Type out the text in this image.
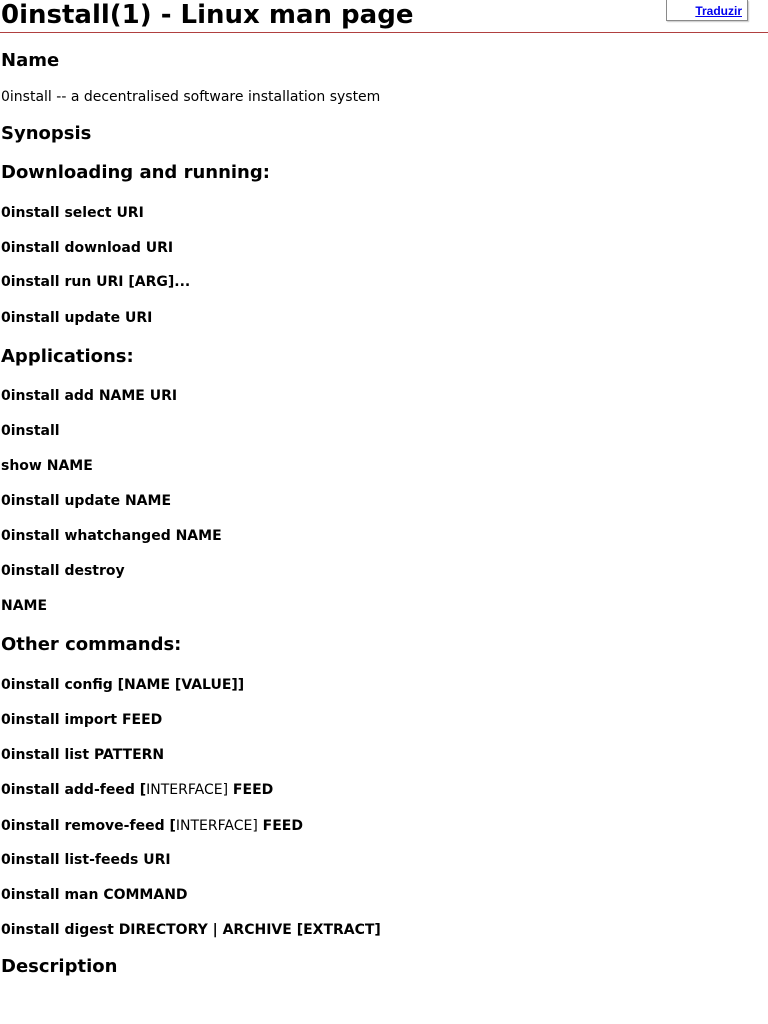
0install(1) - Linux man page	Traduzir
Name

0install -- a decentralised software installation system

Synopsis
Downloading and running:

0install select URI

0install download URI

0install run URI [ARG]...

0install update URI

Applications:

0install add NAME URI

0install

show NAME

0install update NAME

0install whatchanged NAME

0install destroy

NAME

Other commands:

0install config [NAME [VALUE]]

0install import FEED

0install list PATTERN

0install add-feed [INTERFACE] FEED

0install remove-feed [INTERFACE] FEED

0install list-feeds URI

0install man COMMAND

0install digest DIRECTORY | ARCHIVE [EXTRACT]

Description
